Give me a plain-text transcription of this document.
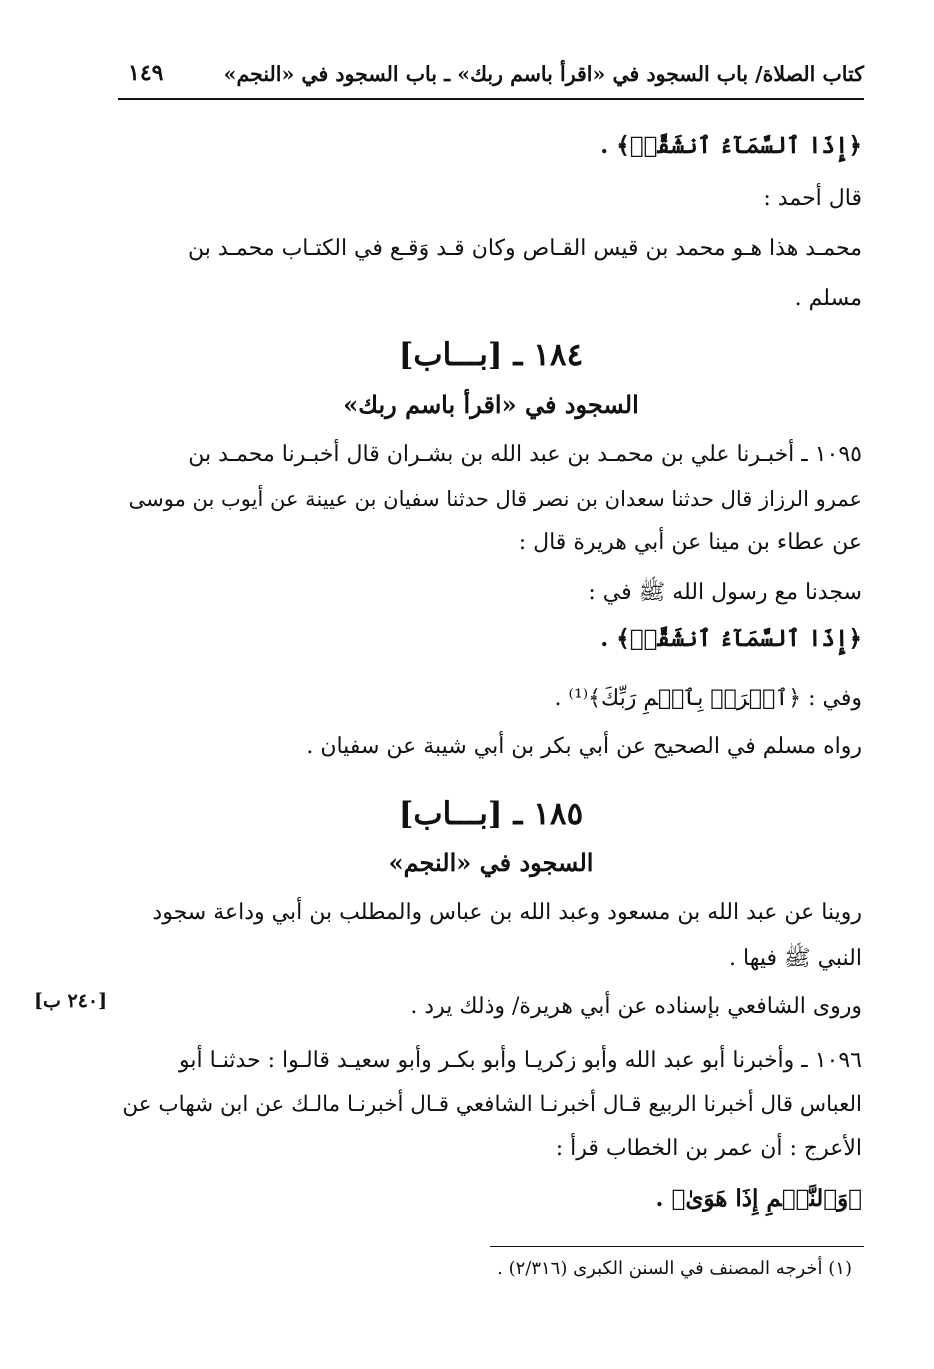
كتاب الصلاة/ باب السجود في «اقرأ باسم ربك» ـ باب السجود في «النجم»
١٤٩
﴿إِذَا ٱلسَّمَآءُ ٱنشَقَّتۡ﴾ .
قال أحمد :
محمـد هذا هـو محمد بن قيس القـاص وكان قـد وَقـع في الكتـاب محمـد بن
مسلم .
١٨٤ ـ [بـــاب]
السجود في «اقرأ باسم ربك»
١٠٩٥ ـ أخبـرنا علي بن محمـد بن عبد الله بن بشـران قال أخبـرنا محمـد بن
عمرو الرزاز قال حدثنا سعدان بن نصر قال حدثنا سفيان بن عيينة عن أيوب بن موسى
عن عطاء بن مينا عن أبي هريرة قال :
سجدنا مع رسول الله ﷺ في :
﴿إِذَا ٱلسَّمَآءُ ٱنشَقَّتۡ﴾ .
وفي : ﴿ٱقۡرَأۡ بِٱسۡمِ رَبِّكَ﴾⁽¹⁾ .
رواه مسلم في الصحيح عن أبي بكر بن أبي شيبة عن سفيان .
١٨٥ ـ [بـــاب]
السجود في «النجم»
روينا عن عبد الله بن مسعود وعبد الله بن عباس والمطلب بن أبي وداعة سجود
النبي ﷺ فيها .
وروى الشافعي بإسناده عن أبي هريرة/ وذلك يرد .
[٢٤٠ ب]
١٠٩٦ ـ وأخبرنا أبو عبد الله وأبو زكريـا وأبو بكـر وأبو سعيـد قالـوا : حدثنـا أبو
العباس قال أخبرنا الربيع قـال أخبرنـا الشافعي قـال أخبرنـا مالـك عن ابن شهاب عن
الأعرج : أن عمر بن الخطاب قرأ :
﴿وَٱلنَّجۡمِ إِذَا هَوَىٰ﴾ .
(١) أخرجه المصنف في السنن الكبرى (٢/٣١٦) .
